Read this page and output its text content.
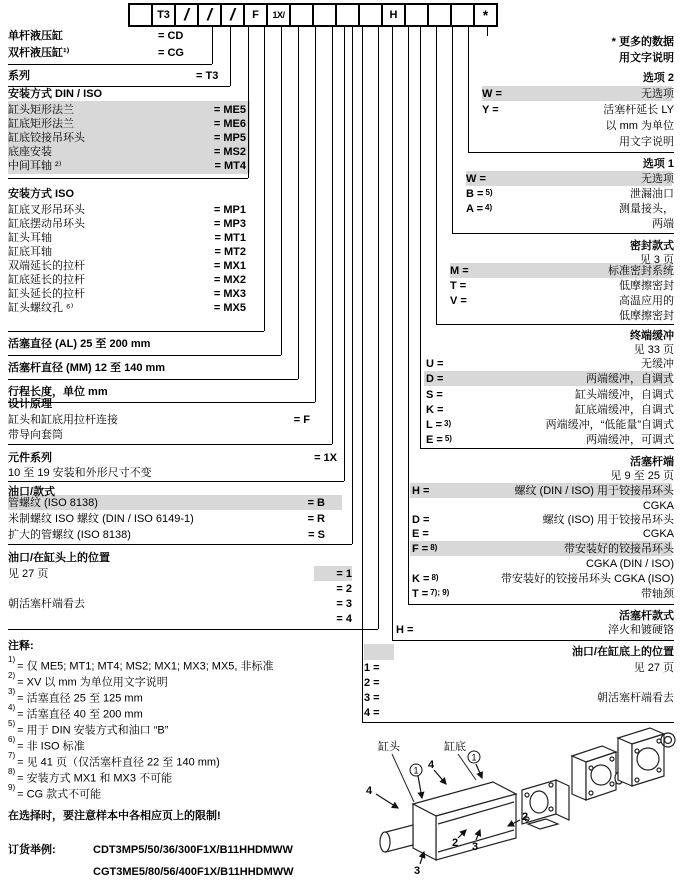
T3 /	/	/	F	1X/	H	*
单杆液压缸	= CD
双杆液压缸¹⁾	= CG
系列	= T3
安装方式 DIN / ISO
缸头矩形法兰	= ME5
缸底矩形法兰	= ME6
缸底铰接吊环头	= MP5
底座安装	= MS2
中间耳轴 ²⁾	= MT4
安装方式 ISO
缸底叉形吊环头	= MP1
缸底摆动吊环头	= MP3
缸头耳轴	= MT1
缸底耳轴	= MT2
双端延长的拉杆	= MX1
缸底延长的拉杆	= MX2
缸头延长的拉杆	= MX3
缸头螺纹孔 ⁶⁾	= MX5
活塞直径 (AL) 25 至 200 mm
活塞杆直径 (MM) 12 至 140 mm
行程长度，单位 mm
设计原理
缸头和缸底用拉杆连接	= F
带导向套筒
元件系列	= 1X
10 至 19 安装和外形尺寸不变
油口/款式
管螺纹 (ISO 8138)	= B
米制螺纹 ISO 螺纹 (DIN / ISO 6149-1)	= R
扩大的管螺纹 (ISO 8138)	= S
油口/在缸头上的位置
见 27 页	= 1
= 2
= 3
= 4
朝活塞杆端看去
* 更多的数据
用文字说明
选项 2
W =	无选项
Y =	活塞杆延长 LY
以 mm 为单位
用文字说明
选项 1
W =	无选项
B = $^{5)}$	泄漏油口
A = $^{4)}$	测量接头，
两端
密封款式
见 3 页
M =	标准密封系统
T =	低摩擦密封
V =	高温应用的
低摩擦密封
终端缓冲
见 33 页
U =	无缓冲
D =	两端缓冲，自调式
S =	缸头端缓冲，自调式
K =	缸底端缓冲，自调式
L = $^{3)}$	两端缓冲，“低能量”自调式
E = $^{5)}$	两端缓冲，可调式
活塞杆端
见 9 至 25 页
H =	螺纹 (DIN / ISO) 用于铰接吊环头
CGKA
D =	螺纹 (ISO) 用于铰接吊环头
E =	CGKA
F = $^{8)}$	带安装好的铰接吊环头
CGKA (DIN / ISO)
K = $^{8)}$	带安装好的铰接吊环头 CGKA (ISO)
T = $^{7); 9)}$	带轴颈
活塞杆款式
H =	淬火和镀硬铬
油口/在缸底上的位置
见 27 页
1 =
2 =
3 =
4 =
朝活塞杆端看去
注释:
$^{1)}$= 仅 ME5; MT1; MT4; MS2; MX1; MX3; MX5, 非标准
$^{2)}$= XV 以 mm 为单位用文字说明
$^{3)}$= 活塞直径 25 至 125 mm
$^{4)}$= 活塞直径 40 至 200 mm
$^{5)}$= 用于 DIN 安装方式和油口 “B”
$^{6)}$= 非 ISO 标准
$^{7)}$= 见 41 页（仅活塞杆直径 22 至 140 mm)
$^{8)}$= 安装方式 MX1 和 MX3 不可能
$^{9)}$= CG 款式不可能
在选择时，要注意样本中各相应页上的限制!
订货举例:	CDT3MP5/50/36/300F1X/B11HHDMWW
CGT3ME5/80/56/400F1X/B11HHDMWW
缸头	缸底
1
1
4
4
2
2 3
3
